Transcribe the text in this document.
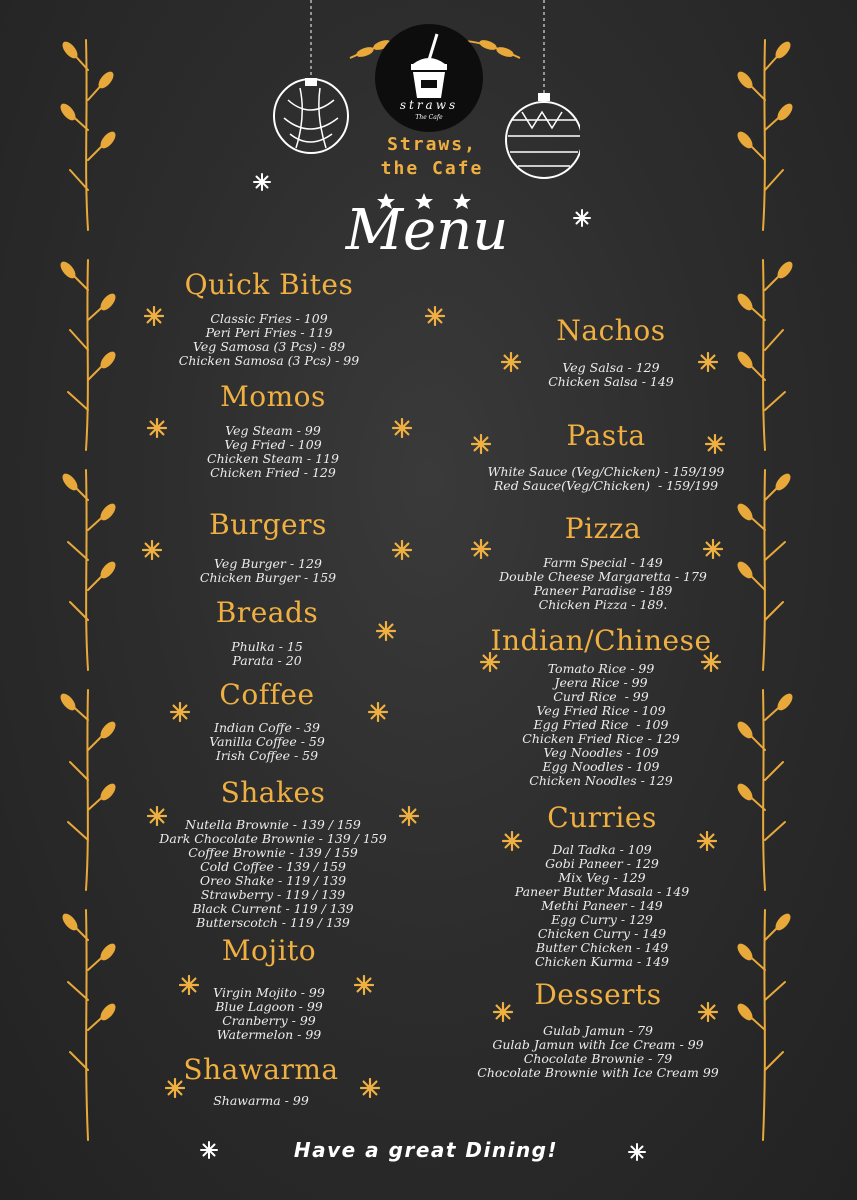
straws
The Cafe
Straws,
the Cafe
Menu
Quick Bites
Classic Fries - 109
Peri Peri Fries - 119
Veg Samosa (3 Pcs) - 89
Chicken Samosa (3 Pcs) - 99
Momos
Veg Steam - 99
Veg Fried - 109
Chicken Steam - 119
Chicken Fried - 129
Burgers
Veg Burger - 129
Chicken Burger - 159
Breads
Phulka - 15
Parata - 20
Coffee
Indian Coffe - 39
Vanilla Coffee - 59
Irish Coffee - 59
Shakes
Nutella Brownie - 139 / 159
Dark Chocolate Brownie - 139 / 159
Coffee Brownie - 139 / 159
Cold Coffee - 139 / 159
Oreo Shake - 119 / 139
Strawberry - 119 / 139
Black Current - 119 / 139
Butterscotch - 119 / 139
Mojito
Virgin Mojito - 99
Blue Lagoon - 99
Cranberry - 99
Watermelon - 99
Shawarma
Shawarma - 99
Nachos
Veg Salsa - 129
Chicken Salsa - 149
Pasta
White Sauce (Veg/Chicken) - 159/199
Red Sauce(Veg/Chicken)  - 159/199
Pizza
Farm Special - 149
Double Cheese Margaretta - 179
Paneer Paradise - 189
Chicken Pizza - 189.
Indian/Chinese
Tomato Rice - 99
Jeera Rice - 99
Curd Rice  - 99
Veg Fried Rice - 109
Egg Fried Rice  - 109
Chicken Fried Rice - 129
Veg Noodles - 109
Egg Noodles - 109
Chicken Noodles - 129
Curries
Dal Tadka - 109
Gobi Paneer - 129
Mix Veg - 129
Paneer Butter Masala - 149
Methi Paneer - 149
Egg Curry - 129
Chicken Curry - 149
Butter Chicken - 149
Chicken Kurma - 149
Desserts
Gulab Jamun - 79
Gulab Jamun with Ice Cream - 99
Chocolate Brownie - 79
Chocolate Brownie with Ice Cream 99
Have a great Dining!
